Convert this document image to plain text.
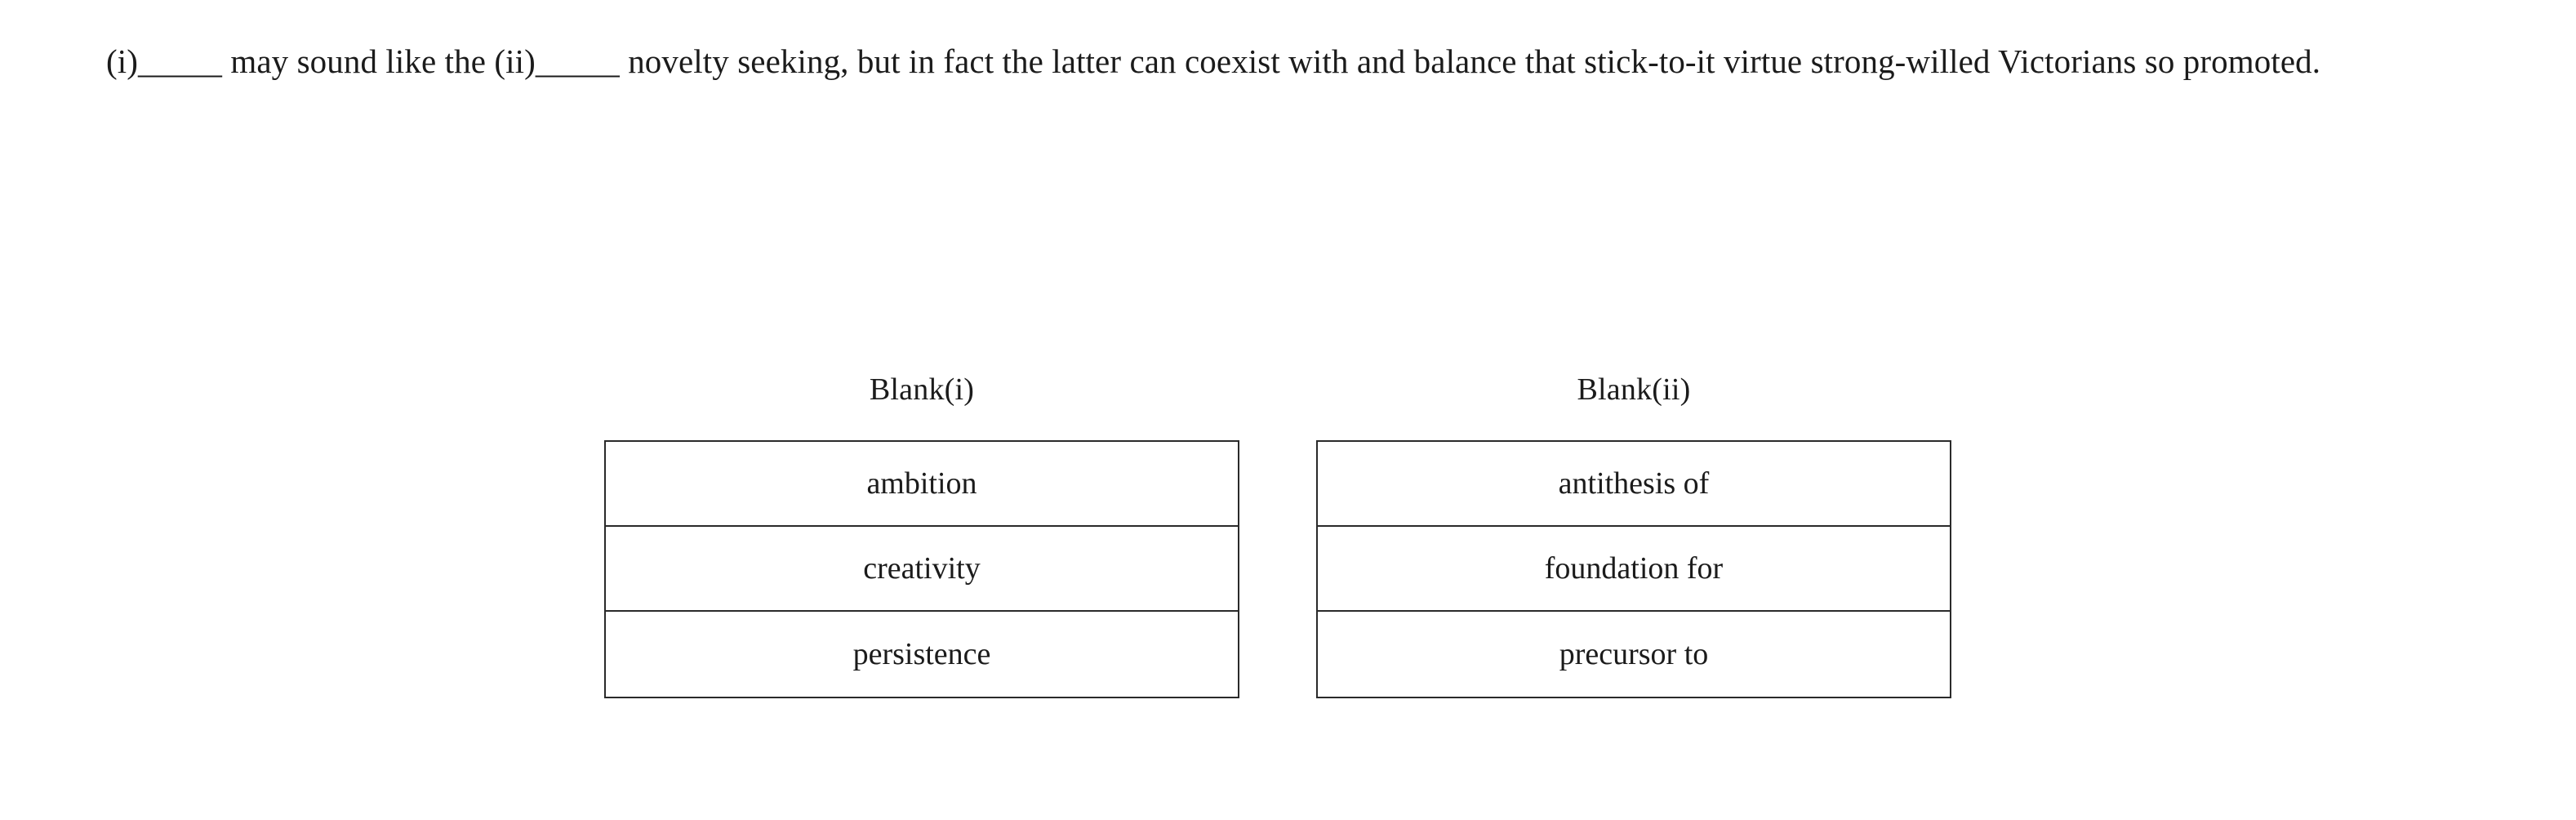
(i)_____ may sound like the (ii)_____ novelty seeking, but in fact the latter can coexist with and balance that stick-to-it virtue strong-willed Victorians so promoted.
Blank(i)
ambition
creativity
persistence
Blank(ii)
antithesis of
foundation for
precursor to
